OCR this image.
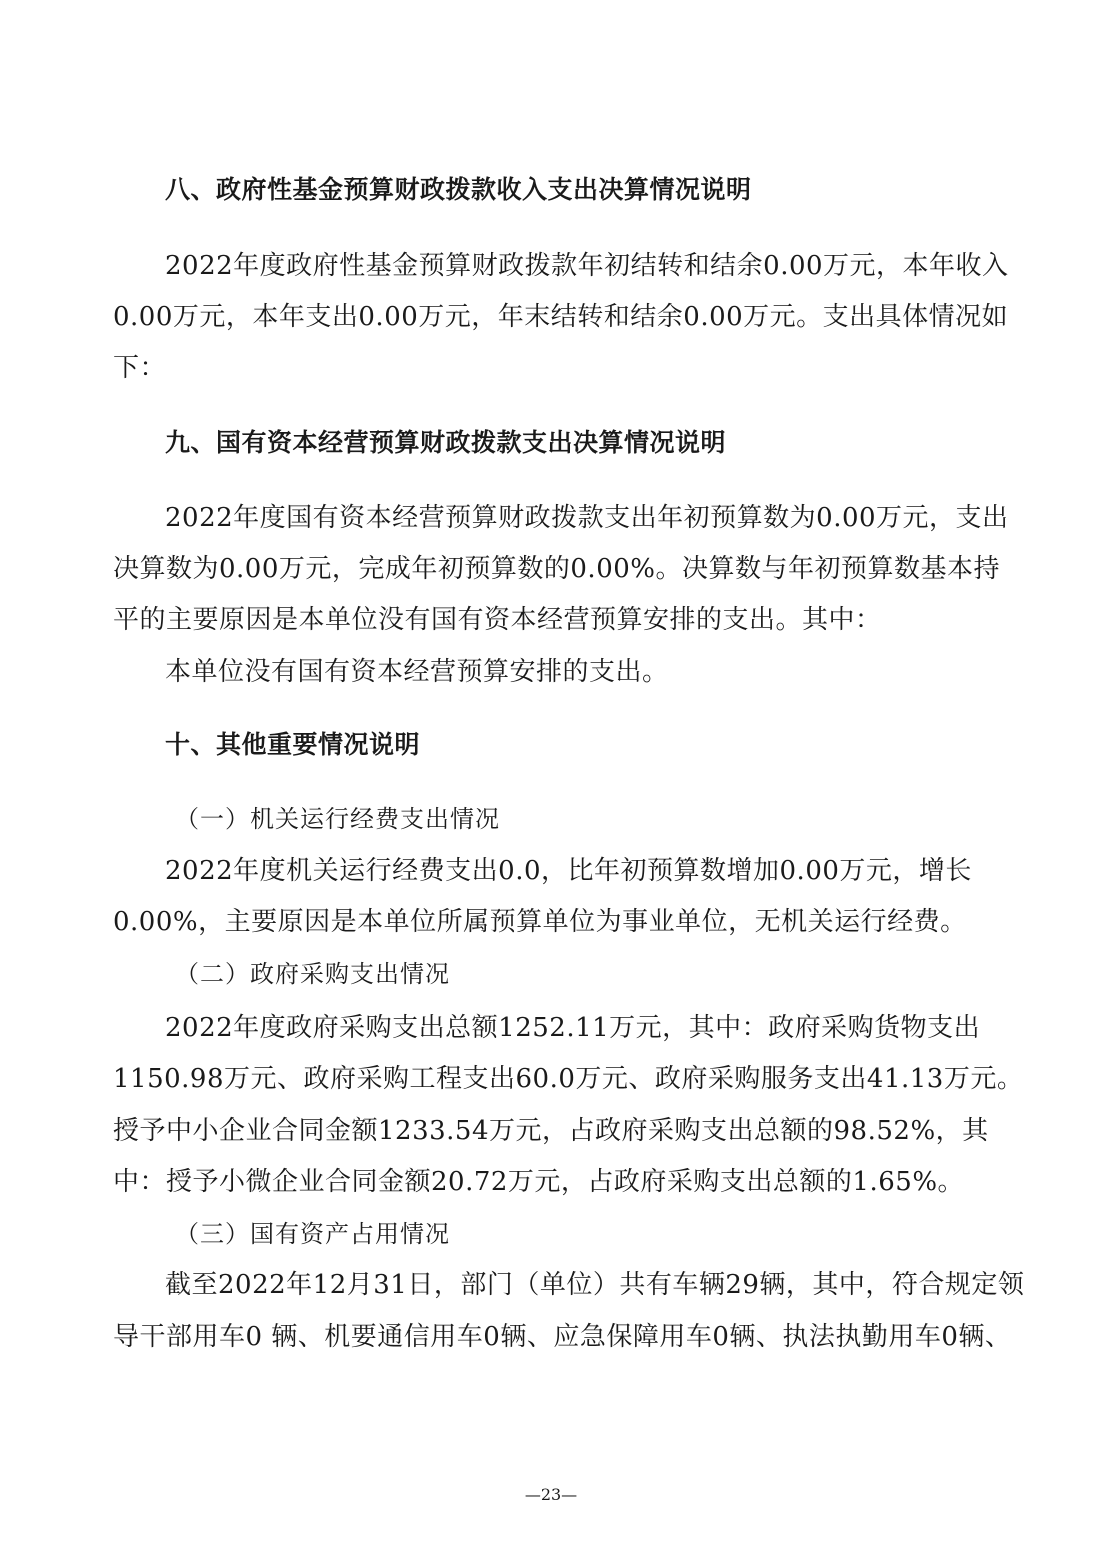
八、政府性基金预算财政拨款收入支出决算情况说明
2022年度政府性基金预算财政拨款年初结转和结余0.00万元，本年收入
0.00万元，本年支出0.00万元，年末结转和结余0.00万元。支出具体情况如
下：
九、国有资本经营预算财政拨款支出决算情况说明
2022年度国有资本经营预算财政拨款支出年初预算数为0.00万元，支出
决算数为0.00万元，完成年初预算数的0.00%。决算数与年初预算数基本持
平的主要原因是本单位没有国有资本经营预算安排的支出。其中：
本单位没有国有资本经营预算安排的支出。
十、其他重要情况说明
（一）机关运行经费支出情况
2022年度机关运行经费支出0.0，比年初预算数增加0.00万元，增长
0.00%，主要原因是本单位所属预算单位为事业单位，无机关运行经费。
（二）政府采购支出情况
2022年度政府采购支出总额1252.11万元，其中：政府采购货物支出
1150.98万元、政府采购工程支出60.0万元、政府采购服务支出41.13万元。
授予中小企业合同金额1233.54万元，占政府采购支出总额的98.52%，其
中：授予小微企业合同金额20.72万元，占政府采购支出总额的1.65%。
（三）国有资产占用情况
截至2022年12月31日，部门（单位）共有车辆29辆，其中，符合规定领
导干部用车0 辆、机要通信用车0辆、应急保障用车0辆、执法执勤用车0辆、
—23—
